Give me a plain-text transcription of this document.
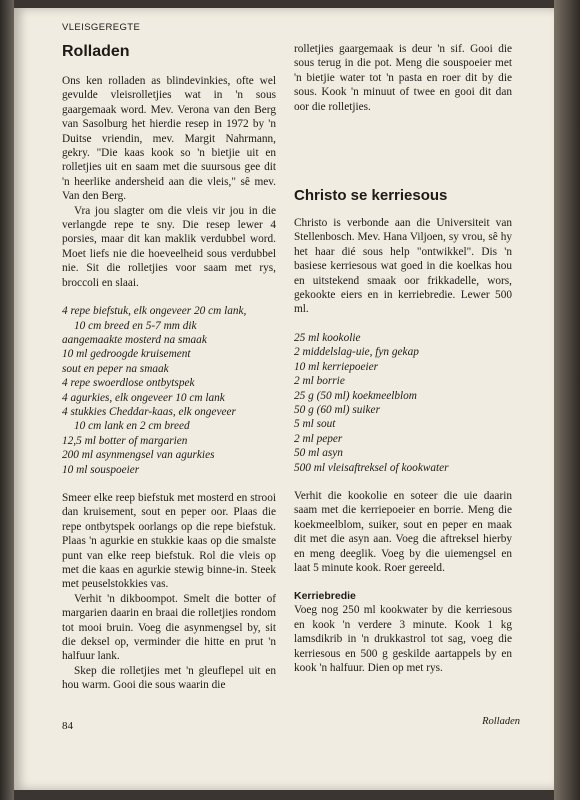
VLEISGEREGTE
Rolladen

Ons ken rolladen as blindevinkies, ofte wel gevulde vleisrolletjies wat in 'n sous gaargemaak word. Mev. Verona van den Berg van Sasolburg het hierdie resep in 1972 by 'n Duitse vriendin, mev. Margit Nahrmann, gekry. "Die kaas kook so 'n bietjie uit en rolletjies uit en saam met die suursous gee dit 'n heerlike andersheid aan die vleis," sê mev. Van den Berg.

Vra jou slagter om die vleis vir jou in die verlangde repe te sny. Die resep lewer 4 porsies, maar dit kan maklik verdubbel word. Moet liefs nie die hoeveelheid sous verdubbel nie. Sit die rolletjies voor saam met rys, broccoli en slaai.

4 repe biefstuk, elk ongeveer 20 cm lank,
10 cm breed en 5-7 mm dik
aangemaakte mosterd na smaak
10 ml gedroogde kruisement
sout en peper na smaak
4 repe swoerdlose ontbytspek
4 agurkies, elk ongeveer 10 cm lank
4 stukkies Cheddar-kaas, elk ongeveer
10 cm lank en 2 cm breed
12,5 ml botter of margarien
200 ml asynmengsel van agurkies
10 ml souspoeier

Smeer elke reep biefstuk met mosterd en strooi dan kruisement, sout en peper oor. Plaas die repe ontbytspek oorlangs op die repe biefstuk. Plaas 'n agurkie en stukkie kaas op die smalste punt van elke reep biefstuk. Rol die vleis op met die kaas en agurkie stewig binne-in. Steek met peuselstokkies vas.

Verhit 'n dikboompot. Smelt die botter of margarien daarin en braai die rolletjies rondom tot mooi bruin. Voeg die asynmengsel by, sit die deksel op, verminder die hitte en prut 'n halfuur lank.

Skep die rolletjies met 'n gleuflepel uit en hou warm. Gooi die sous waarin die

rolletjies gaargemaak is deur 'n sif. Gooi die sous terug in die pot. Meng die souspoeier met 'n bietjie water tot 'n pasta en roer dit by die sous. Kook 'n minuut of twee en gooi dit dan oor die rolletjies.

Christo se kerriesous

Christo is verbonde aan die Universiteit van Stellenbosch. Mev. Hana Viljoen, sy vrou, sê hy het haar dié sous help "ontwikkel". Dis 'n basiese kerriesous wat goed in die koelkas hou en uitstekend smaak oor frikkadelle, wors, gekookte eiers en in kerriebredie. Lewer 500 ml.

25 ml kookolie
2 middelslag-uie, fyn gekap
10 ml kerriepoeier
2 ml borrie
25 g (50 ml) koekmeelblom
50 g (60 ml) suiker
5 ml sout
2 ml peper
50 ml asyn
500 ml vleisaftreksel of kookwater

Verhit die kookolie en soteer die uie daarin saam met die kerriepoeier en borrie. Meng die koekmeelblom, suiker, sout en peper en maak dit met die asyn aan. Voeg die aftreksel hierby en meng deeglik. Voeg by die uiemengsel en laat 5 minute kook. Roer gereeld.

Kerriebredie

Voeg nog 250 ml kookwater by die kerriesous en kook 'n verdere 3 minute. Kook 1 kg lamsdikrib in 'n drukkastrol tot sag, voeg die kerriesous en 500 g geskilde aartappels by en kook 'n halfuur. Dien op met rys.

84	Rolladen
